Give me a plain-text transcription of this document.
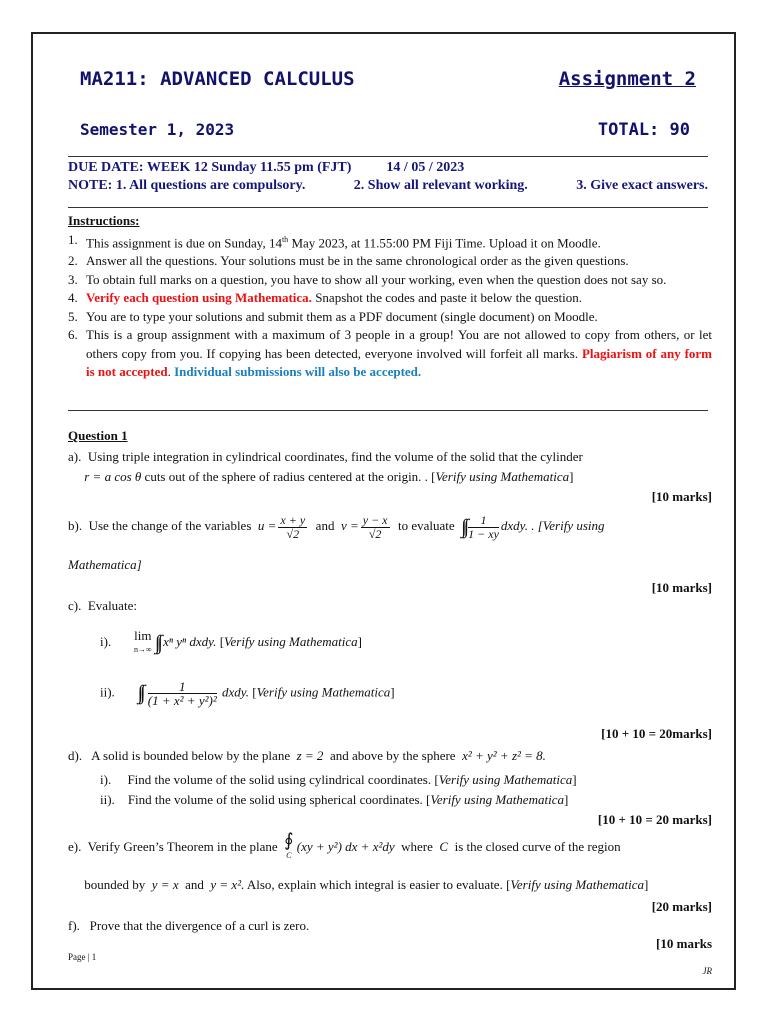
MA211: ADVANCED CALCULUS	Assignment 2
Semester 1, 2023	TOTAL: 90
DUE DATE: WEEK 12 Sunday 11.55 pm (FJT)          14 / 05 / 2023
NOTE: 1. All questions are compulsory.	2. Show all relevant working.	3. Give exact answers.
Instructions:
1. This assignment is due on Sunday, 14th May 2023, at 11.55:00 PM Fiji Time. Upload it on Moodle.
2. Answer all the questions. Your solutions must be in the same chronological order as the given questions.
3. To obtain full marks on a question, you have to show all your working, even when the question does not say so.
4. Verify each question using Mathematica. Snapshot the codes and paste it below the question.
5. You are to type your solutions and submit them as a PDF document (single document) on Moodle.
6. This is a group assignment with a maximum of 3 people in a group! You are not allowed to copy from others, or let others copy from you. If copying has been detected, everyone involved will forfeit all marks. Plagiarism of any form is not accepted. Individual submissions will also be accepted.
Question 1
a). Using triple integration in cylindrical coordinates, find the volume of the solid that the cylinder
r = a cos θ cuts out of the sphere of radius centered at the origin. . [Verify using Mathematica]
[10 marks]
b). Use the change of the variables $u = \frac{x + y}{√2}$ and $v = \frac{y - x}{√2}$ to evaluate ∫∫ $\frac{1}{1 - xy}$ dxdy. . [Verify using
Mathematica]
[10 marks]
c). Evaluate:
i). lim
n→∞ ∫∫ xⁿ yⁿ dxdy. [Verify using Mathematica]
ii). ∫∫ $\frac{1}{\text{(1 + x² + y²)²}}$ dxdy. [Verify using Mathematica]
[10 + 10 = 20marks]
d). A solid is bounded below by the plane z = 2 and above by the sphere x² + y² + z² = 8.
i). Find the volume of the solid using cylindrical coordinates. [Verify using Mathematica]
ii). Find the volume of the solid using spherical coordinates. [Verify using Mathematica]
[10 + 10 = 20 marks]
e). Verify Green’s Theorem in the plane ∮
C (xy + y²) dx + x²dy where C is the closed curve of the region
bounded by y = x and y = x². Also, explain which integral is easier to evaluate. [Verify using Mathematica]
[20 marks]
f). Prove that the divergence of a curl is zero.
[10 marks
Page | 1
JR
